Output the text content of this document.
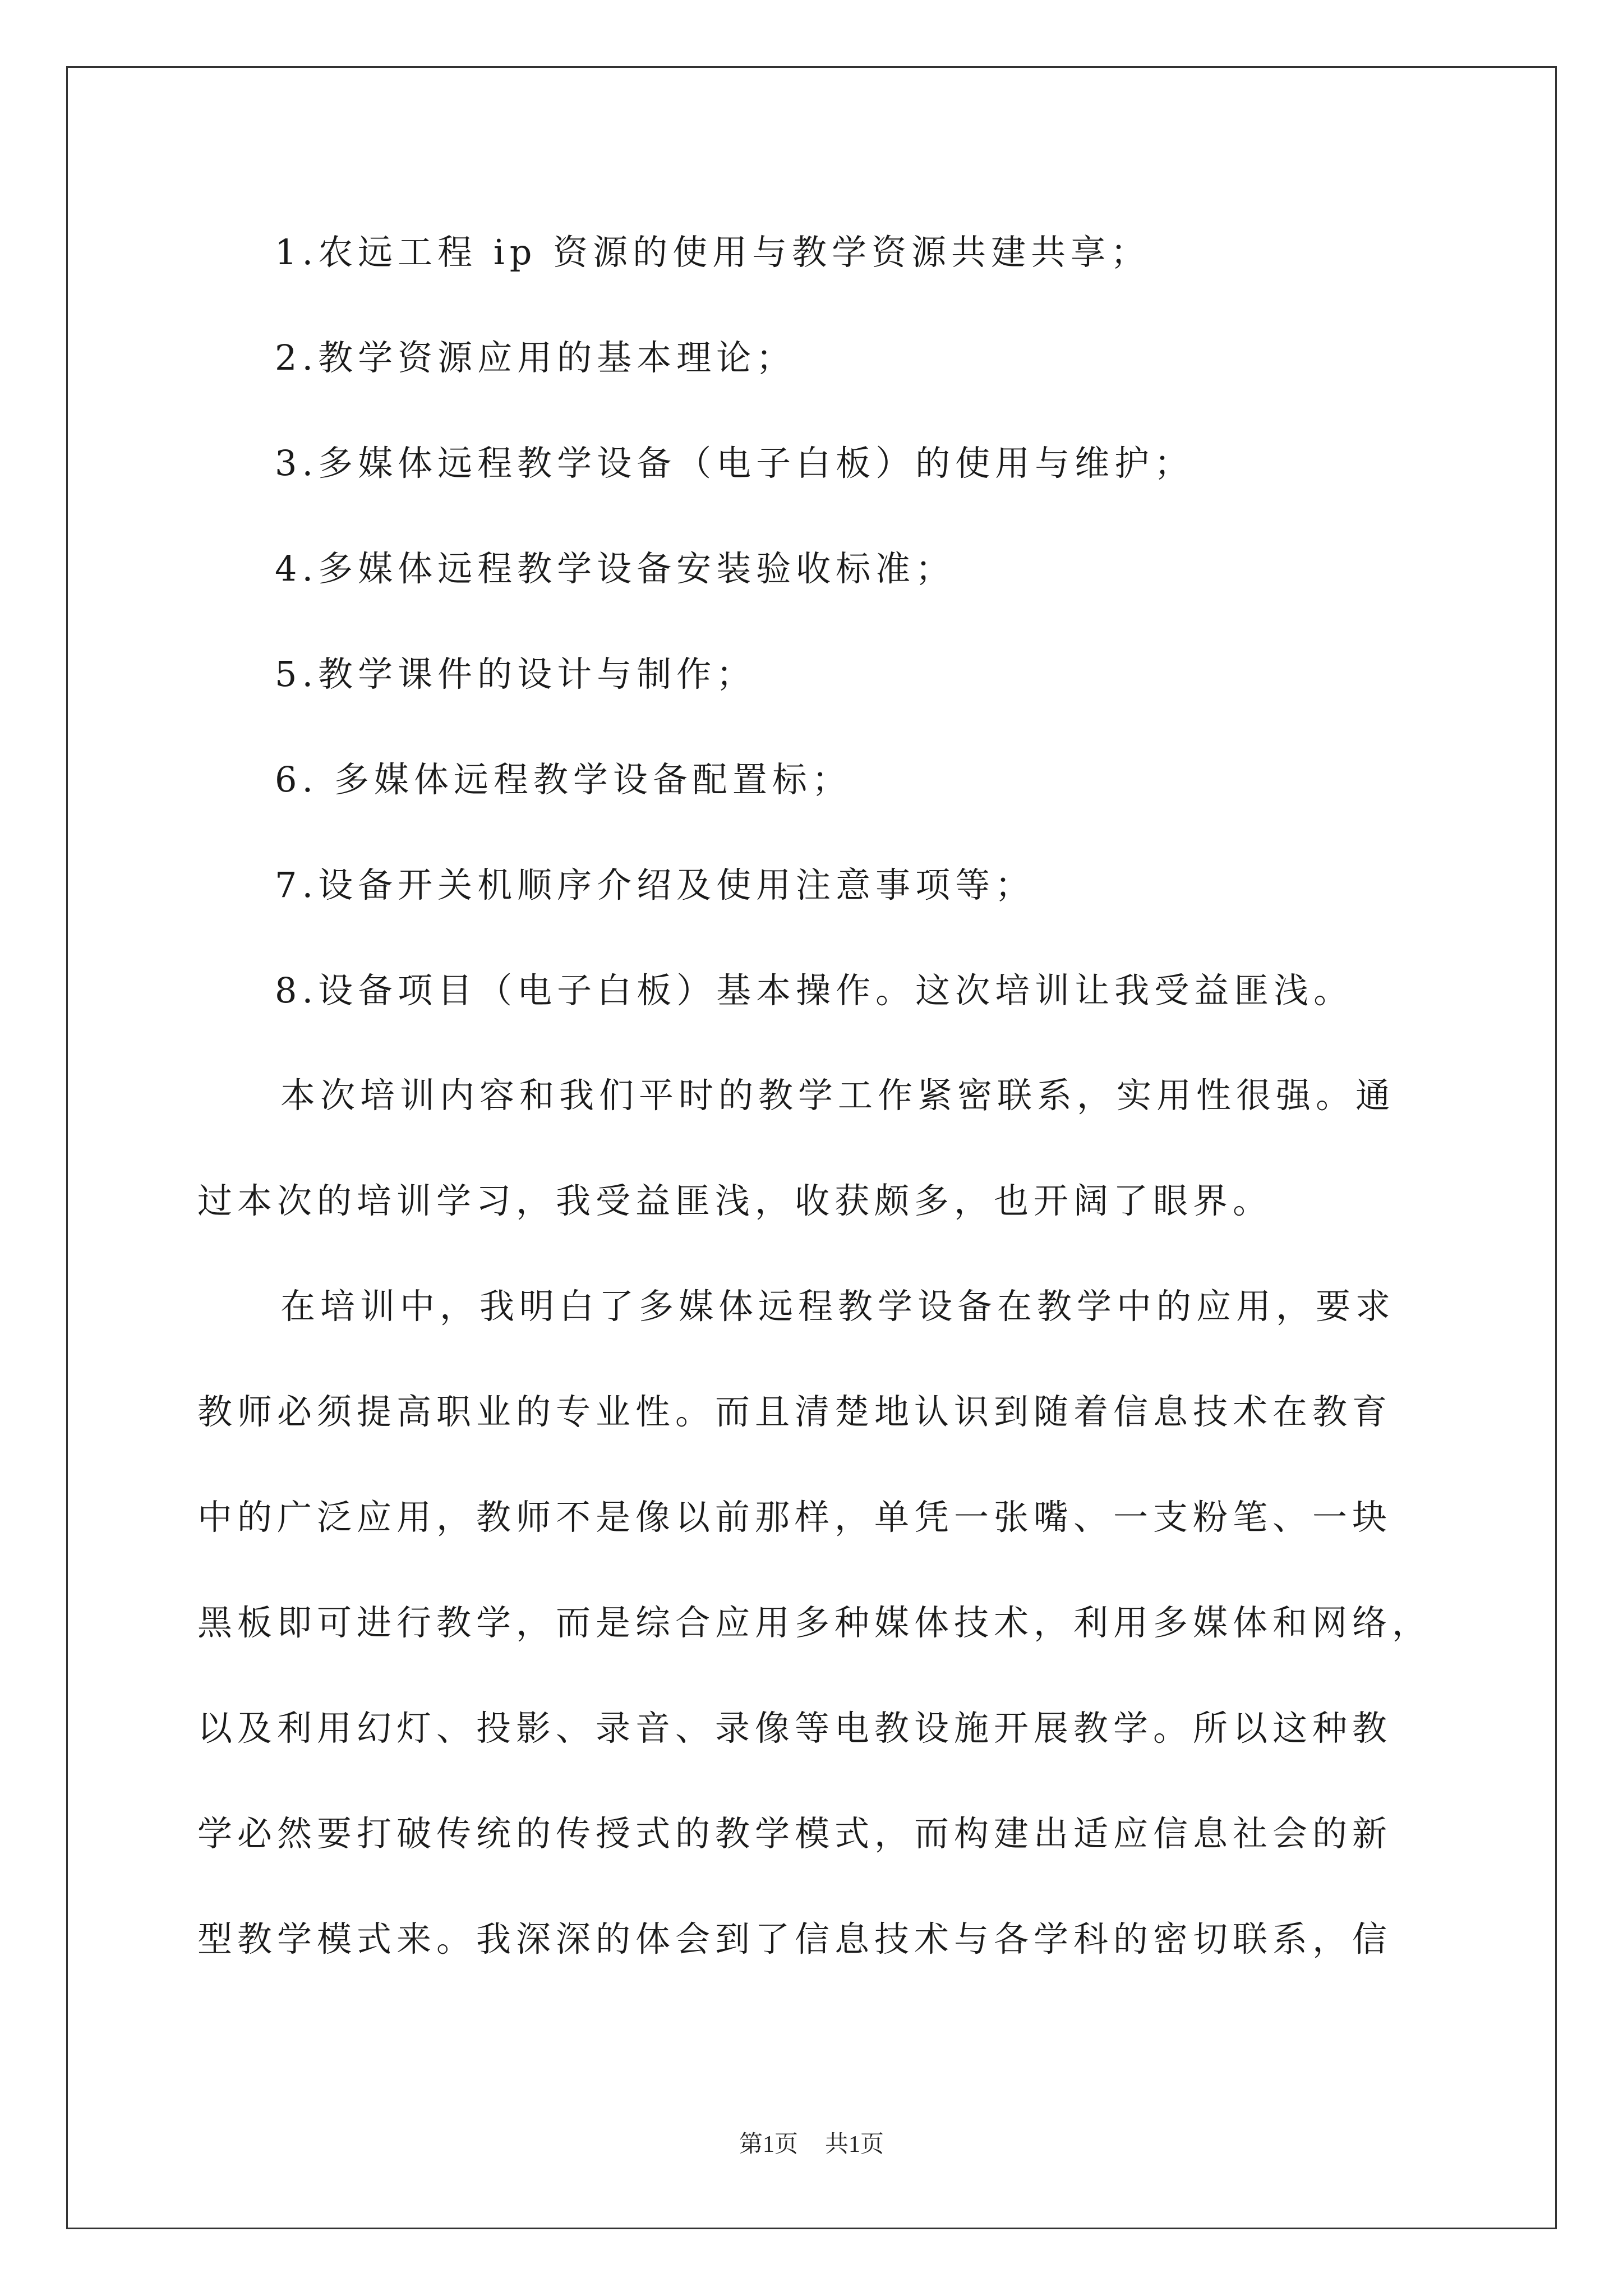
1.农远工程 ip 资源的使用与教学资源共建共享；
2.教学资源应用的基本理论；
3.多媒体远程教学设备（电子白板）的使用与维护；
4.多媒体远程教学设备安装验收标准；
5.教学课件的设计与制作；
6. 多媒体远程教学设备配置标；
7.设备开关机顺序介绍及使用注意事项等；
8.设备项目（电子白板）基本操作。这次培训让我受益匪浅。
本次培训内容和我们平时的教学工作紧密联系，实用性很强。通
过本次的培训学习，我受益匪浅，收获颇多，也开阔了眼界。
在培训中，我明白了多媒体远程教学设备在教学中的应用，要求
教师必须提高职业的专业性。而且清楚地认识到随着信息技术在教育
中的广泛应用，教师不是像以前那样，单凭一张嘴、一支粉笔、一块
黑板即可进行教学，而是综合应用多种媒体技术，利用多媒体和网络，
以及利用幻灯、投影、录音、录像等电教设施开展教学。所以这种教
学必然要打破传统的传授式的教学模式，而构建出适应信息社会的新
型教学模式来。我深深的体会到了信息技术与各学科的密切联系，信
第1页 共1页
